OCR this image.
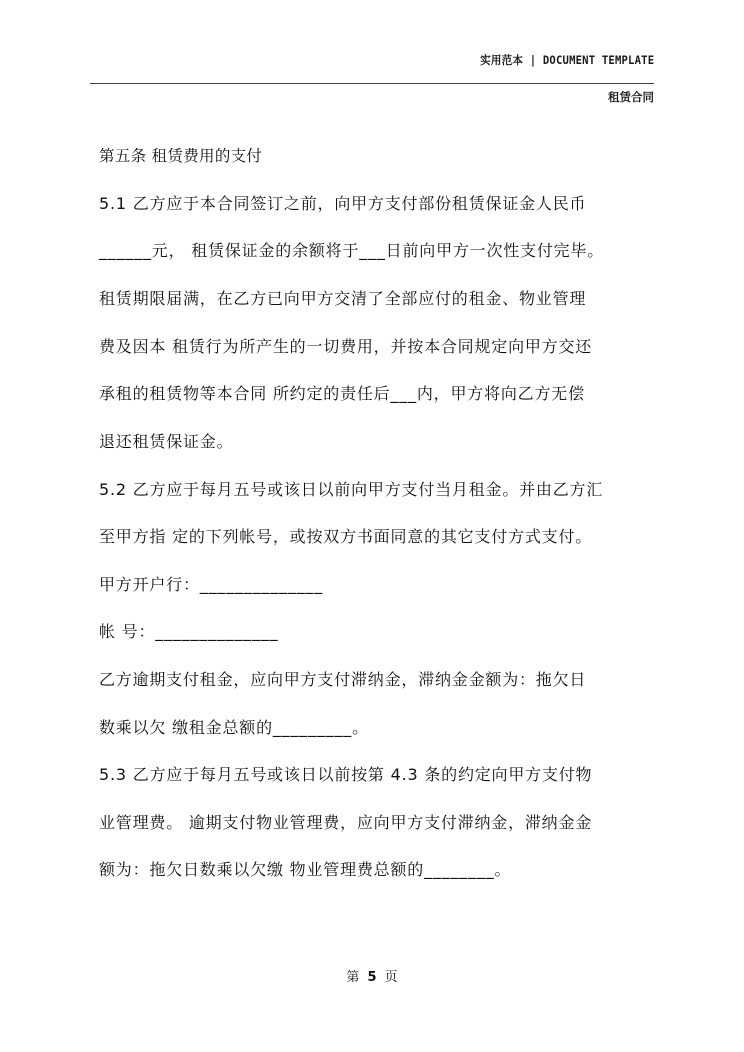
实用范本 | DOCUMENT TEMPLATE
租赁合同
第五条 租赁费用的支付
5.1 乙方应于本合同签订之前，向甲方支付部份租赁保证金人民币
______元， 租赁保证金的余额将于___日前向甲方一次性支付完毕。
租赁期限届满，在乙方已向甲方交清了全部应付的租金、物业管理
费及因本 租赁行为所产生的一切费用，并按本合同规定向甲方交还
承租的租赁物等本合同 所约定的责任后___内，甲方将向乙方无偿
退还租赁保证金。
5.2 乙方应于每月五号或该日以前向甲方支付当月租金。并由乙方汇
至甲方指 定的下列帐号，或按双方书面同意的其它支付方式支付。
甲方开户行：______________
帐 号：______________
乙方逾期支付租金，应向甲方支付滞纳金，滞纳金金额为：拖欠日
数乘以欠 缴租金总额的_________。
5.3 乙方应于每月五号或该日以前按第 4.3 条的约定向甲方支付物
业管理费。 逾期支付物业管理费，应向甲方支付滞纳金，滞纳金金
额为：拖欠日数乘以欠缴 物业管理费总额的________。
第 5 页
